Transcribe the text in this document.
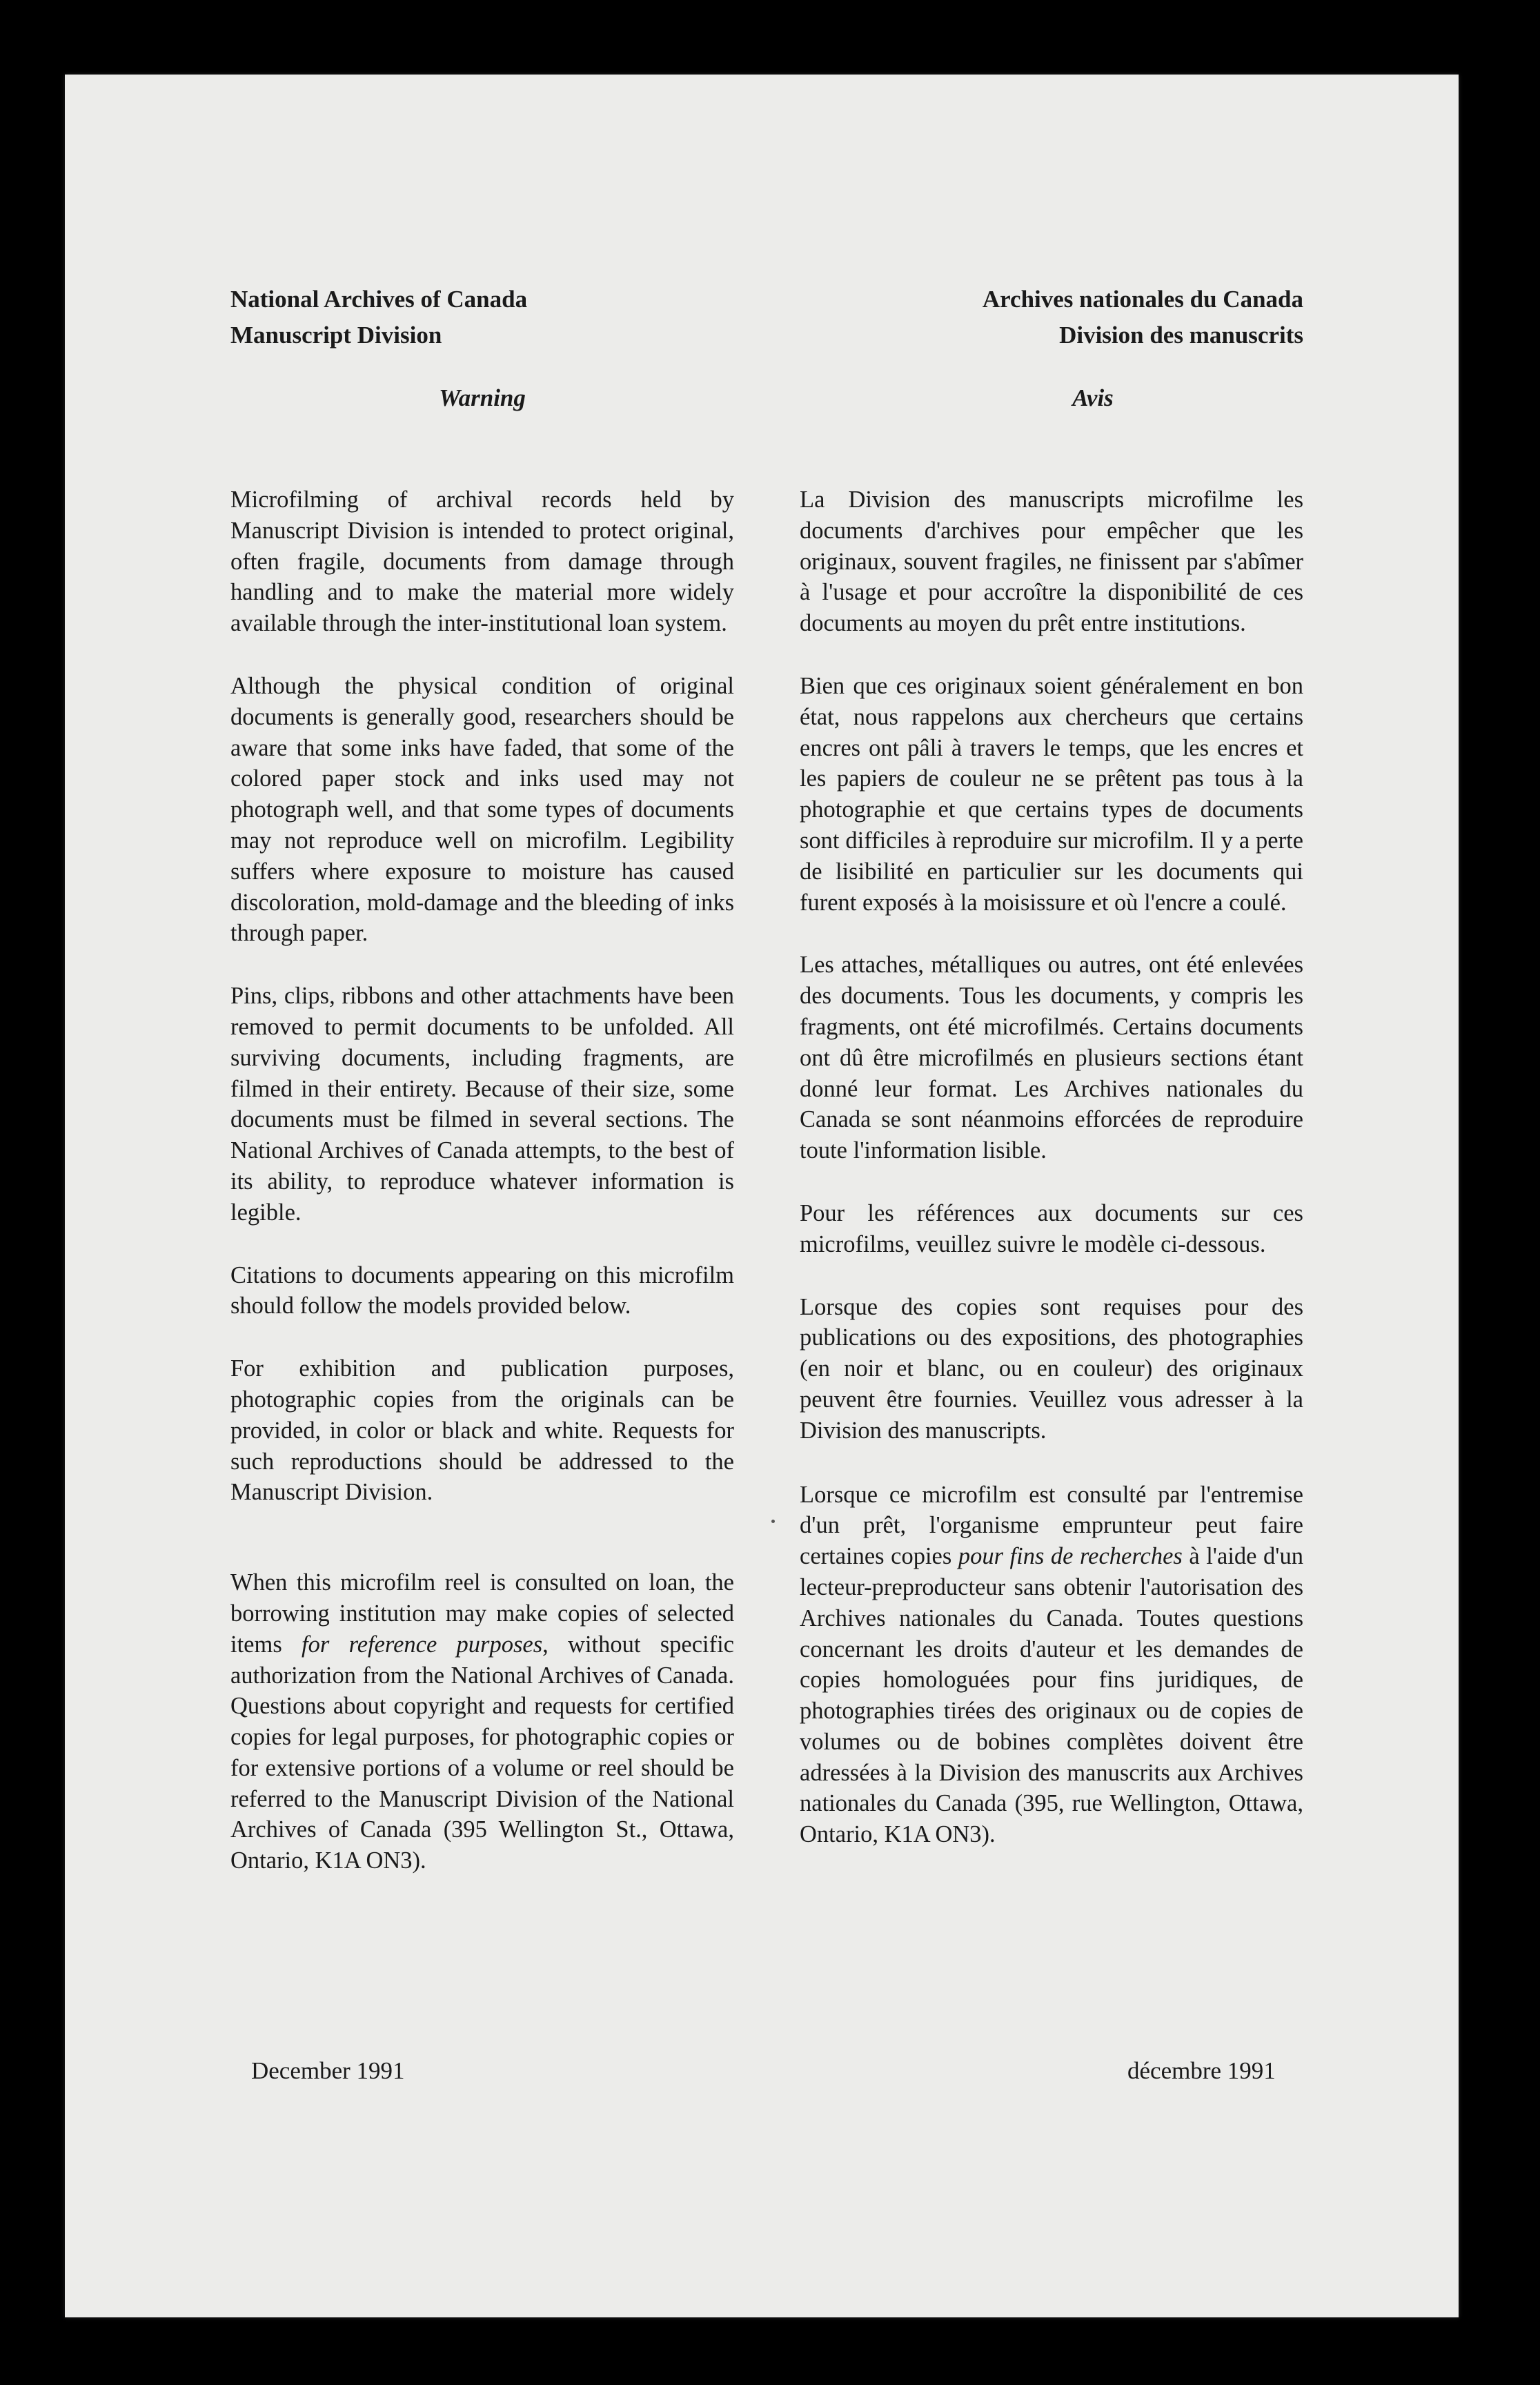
National Archives of Canada
Manuscript Division
Warning

Microfilming of archival records held by Manuscript Division is intended to protect original, often fragile, documents from damage through handling and to make the material more widely available through the inter-institutional loan system.

Although the physical condition of original documents is generally good, researchers should be aware that some inks have faded, that some of the colored paper stock and inks used may not photograph well, and that some types of documents may not reproduce well on microfilm. Legibility suffers where exposure to moisture has caused discoloration, mold-damage and the bleeding of inks through paper.

Pins, clips, ribbons and other attachments have been removed to permit documents to be unfolded. All surviving documents, including fragments, are filmed in their entirety. Because of their size, some documents must be filmed in several sections. The National Archives of Canada attempts, to the best of its ability, to reproduce whatever information is legible.

Citations to documents appearing on this microfilm should follow the models provided below.

For exhibition and publication purposes, photographic copies from the originals can be provided, in color or black and white. Requests for such reproductions should be addressed to the Manuscript Division.

When this microfilm reel is consulted on loan, the borrowing institution may make copies of selected items for reference purposes, without specific authorization from the National Archives of Canada. Questions about copyright and requests for certified copies for legal purposes, for photographic copies or for extensive portions of a volume or reel should be referred to the Manuscript Division of the National Archives of Canada (395 Wellington St., Ottawa, Ontario, K1A ON3).

Archives nationales du Canada
Division des manuscrits
Avis

La Division des manuscripts microfilme les documents d'archives pour empêcher que les originaux, souvent fragiles, ne finissent par s'abîmer à l'usage et pour accroître la disponibilité de ces documents au moyen du prêt entre institutions.

Bien que ces originaux soient généralement en bon état, nous rappelons aux chercheurs que certains encres ont pâli à travers le temps, que les encres et les papiers de couleur ne se prêtent pas tous à la photographie et que certains types de documents sont difficiles à reproduire sur microfilm. Il y a perte de lisibilité en particulier sur les documents qui furent exposés à la moisissure et où l'encre a coulé.

Les attaches, métalliques ou autres, ont été enlevées des documents. Tous les documents, y compris les fragments, ont été microfilmés. Certains documents ont dû être microfilmés en plusieurs sections étant donné leur format. Les Archives nationales du Canada se sont néanmoins efforcées de reproduire toute l'information lisible.

Pour les références aux documents sur ces microfilms, veuillez suivre le modèle ci-dessous.

Lorsque des copies sont requises pour des publications ou des expositions, des photographies (en noir et blanc, ou en couleur) des originaux peuvent être fournies. Veuillez vous adresser à la Division des manuscripts.

Lorsque ce microfilm est consulté par l'entremise d'un prêt, l'organisme emprunteur peut faire certaines copies pour fins de recherches à l'aide d'un lecteur-preproducteur sans obtenir l'autorisation des Archives nationales du Canada. Toutes questions concernant les droits d'auteur et les demandes de copies homologuées pour fins juridiques, de photographies tirées des originaux ou de copies de volumes ou de bobines complètes doivent être adressées à la Division des manuscrits aux Archives nationales du Canada (395, rue Wellington, Ottawa, Ontario, K1A ON3).

December 1991	décembre 1991
